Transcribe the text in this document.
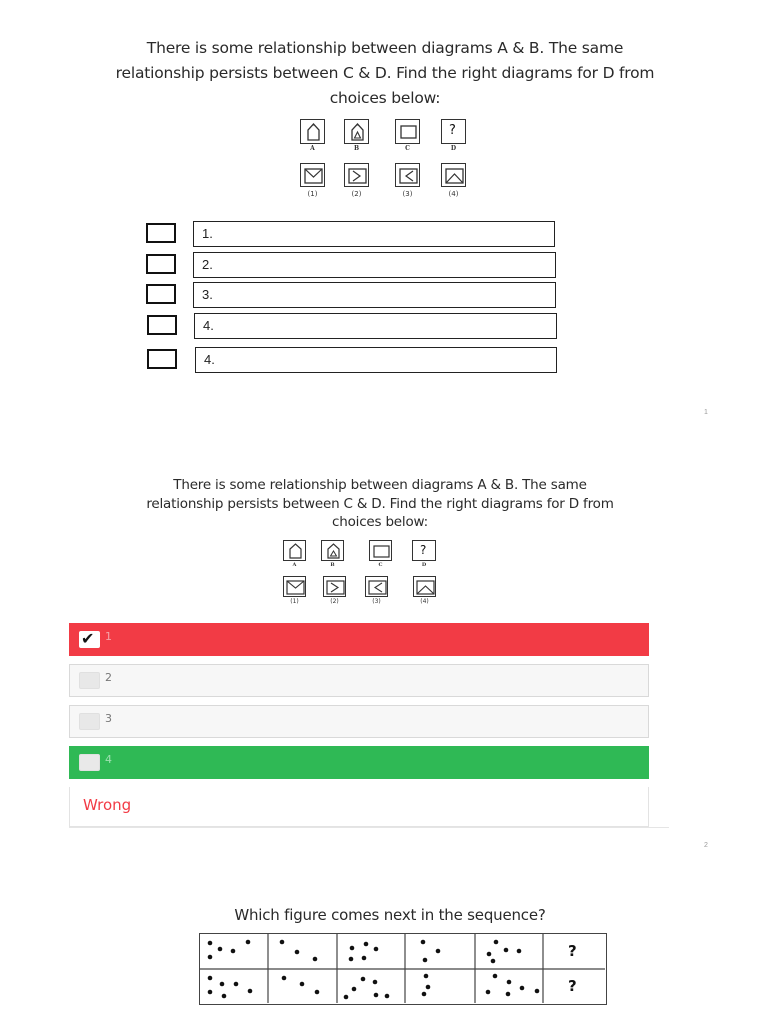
There is some relationship between diagrams A & B. The same
relationship persists between C & D. Find the right diagrams for D from
choices below:
A	B	C
?
D
(1)	(2)	(3)	(4)
1.
2.
3.
4.
4.
1
There is some relationship between diagrams A & B. The same
relationship persists between C & D. Find the right diagrams for D from
choices below:
A	B	C
?
D
(1)	(2)	(3)	(4)
✔ 1
2
3
4
Wrong
2
Which figure comes next in the sequence?
?
?
